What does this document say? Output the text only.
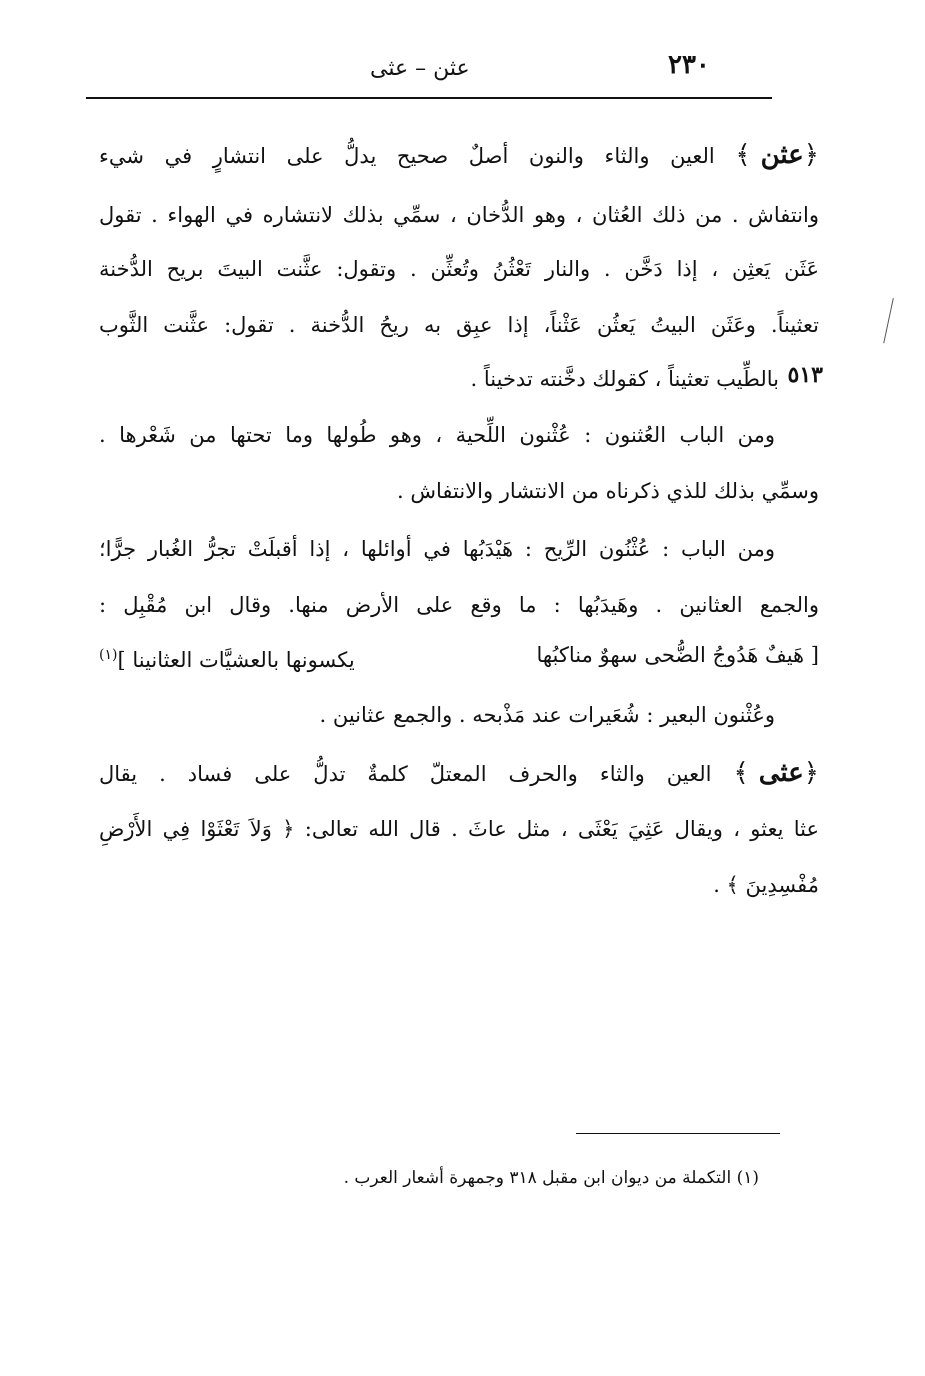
٢٣٠
عثن – عثى
﴿عثن﴾ العين والثاء والنون أصلٌ صحيح يدلُّ على انتشارٍ في شيء
وانتفاش . من ذلك العُثان ، وهو الدُّخان ، سمِّي بذلك لانتشاره في الهواء . تقول
عَثَن يَعثِن ، إذا دَخَّن . والنار تَعْثُنُ وتُعثِّن . وتقول: عثَّنت البيتَ بريح الدُّخنة
تعثيناً. وعَثَن البيتُ يَعثُن عَثْناً، إذا عبِق به ريحُ الدُّخنة . تقول: عثَّنت الثَّوب
بالطِّيب تعثيناً ، كقولك دخَّنته تدخيناً . ٥١٣
ومن الباب العُثنون : عُثْنون اللِّحية ، وهو طُولها وما تحتها من شَعْرها .
وسمِّي بذلك للذي ذكرناه من الانتشار والانتفاش .
ومن الباب : عُثْنُون الرِّيح : هَيْدَبُها في أوائلها ، إذا أقبلَتْ تجرُّ الغُبار جرًّا؛
والجمع العثانين . وهَيدَبُها : ما وقع على الأرض منها. وقال ابن مُقْبِل :
[ هَيفٌ هَدُوجُ الضُّحى سهوٌ مناكبُها
يكسونها بالعشيَّات العثانينا ]$^{(١)}$
وعُثْنون البعير : شُعَيرات عند مَذْبحه . والجمع عثانين .
﴿عثى﴾ العين والثاء والحرف المعتلّ كلمةٌ تدلُّ على فساد . يقال
عثا يعثو ، ويقال عَثِيَ يَعْثَى ، مثل عاثَ . قال الله تعالى: ﴿ وَلاَ تَعْثَوْا فِي الأَرْضِ
مُفْسِدِينَ ﴾ .
(١) التكملة من ديوان ابن مقبل ٣١٨ وجمهرة أشعار العرب .
